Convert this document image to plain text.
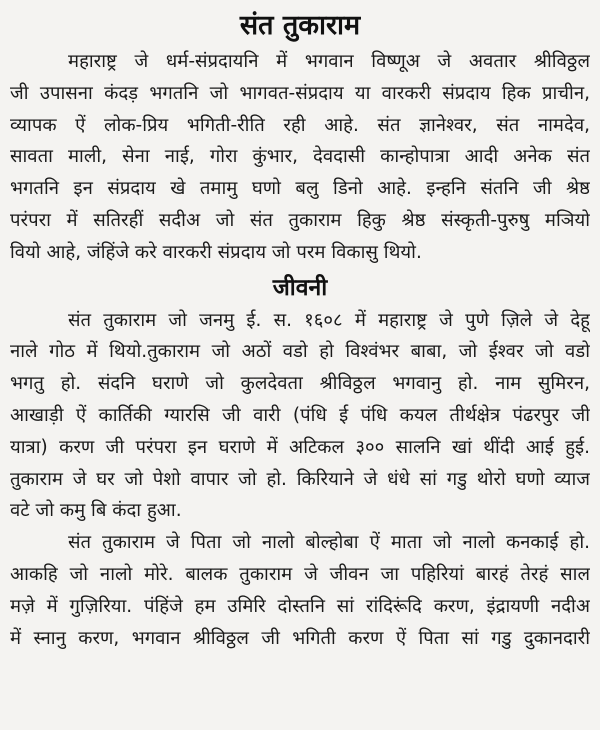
संत तुकाराम

महाराष्ट्र जे धर्म-संप्रदायनि में भगवान विष्णूअ जे अवतार श्रीविठ्ठल
जी उपासना कंदड़ भगतनि जो भागवत-संप्रदाय या वारकरी संप्रदाय हिक प्राचीन,
व्यापक ऐं लोक-प्रिय भगिती-रीति रही आहे. संत ज्ञानेश्वर, संत नामदेव,
सावता माली, सेना नाई, गोरा कुंभार, देवदासी कान्होपात्रा आदी अनेक संत
भगतनि इन संप्रदाय खे तमामु घणो बलु डिनो आहे. इन्हनि संतनि जी श्रेष्ठ
परंपरा में सतिरहीं सदीअ जो संत तुकाराम हिकु श्रेष्ठ संस्कृती-पुरुषु मञियो
वियो आहे, जंहिंजे करे वारकरी संप्रदाय जो परम विकासु थियो.

जीवनी

संत तुकाराम जो जनमु ई. स. १६०८ में महाराष्ट्र जे पुणे ज़िले जे देहू
नाले गोठ में थियो.तुकाराम जो अठों वडो हो विश्वंभर बाबा, जो ईश्वर जो वडो
भगतु हो. संदनि घराणे जो कुलदेवता श्रीविठ्ठल भगवानु हो. नाम सुमिरन,
आखाड़ी ऐं कार्तिकी ग्यारसि जी वारी (पंधि ई पंधि कयल तीर्थक्षेत्र पंढरपुर जी
यात्रा) करण जी परंपरा इन घराणे में अटिकल ३०० सालनि खां थींदी आई हुई.
तुकाराम जे घर जो पेशो वापार जो हो. किरियाने जे धंधे सां गडु थोरो घणो व्याज
वटे जो कमु बि कंदा हुआ.

संत तुकाराम जे पिता जो नालो बोल्होबा ऐं माता जो नालो कनकाई हो.
आकहि जो नालो मोरे. बालक तुकाराम जे जीवन जा पहिरियां बारहं तेरहं साल
मज़े में गुज़िरिया. पंहिंजे हम उमिरि दोस्तनि सां रांदिरूंदि करण, इंद्रायणी नदीअ
में स्नानु करण, भगवान श्रीविठ्ठल जी भगिती करण ऐं पिता सां गडु दुकानदारी
